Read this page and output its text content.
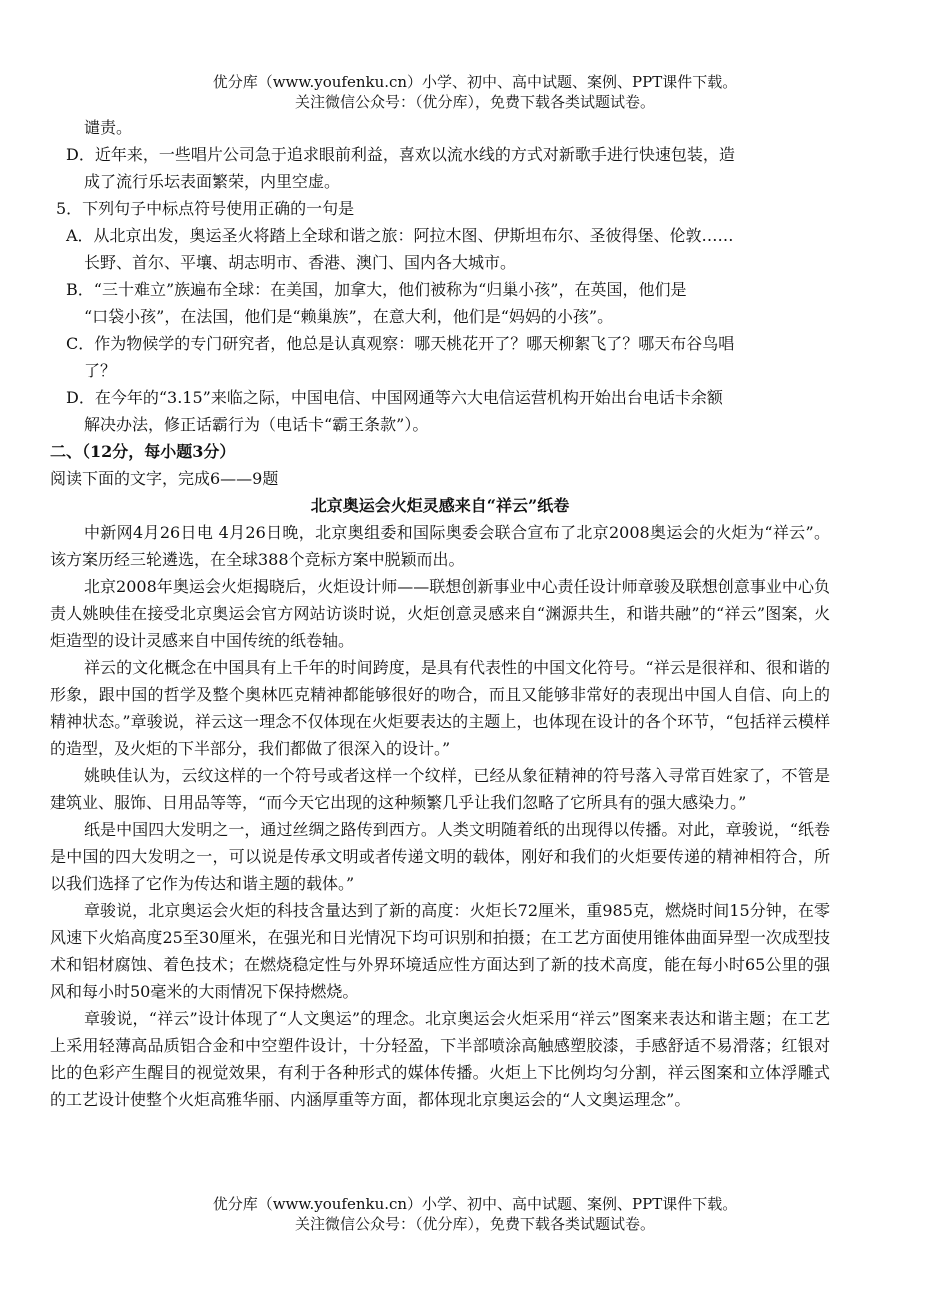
优分库（www.youfenku.cn）小学、初中、高中试题、案例、PPT课件下载。
关注微信公众号：（优分库），免费下载各类试题试卷。
谴责。
D．近年来，一些唱片公司急于追求眼前利益，喜欢以流水线的方式对新歌手进行快速包装，造
成了流行乐坛表面繁荣，内里空虚。
5．下列句子中标点符号使用正确的一句是
A．从北京出发，奥运圣火将踏上全球和谐之旅：阿拉木图、伊斯坦布尔、圣彼得堡、伦敦……
长野、首尔、平壤、胡志明市、香港、澳门、国内各大城市。
B．“三十难立”族遍布全球：在美国，加拿大，他们被称为“归巢小孩”，在英国，他们是
“口袋小孩”，在法国，他们是“赖巢族”，在意大利，他们是“妈妈的小孩”。
C．作为物候学的专门研究者，他总是认真观察：哪天桃花开了？哪天柳絮飞了？哪天布谷鸟唱
了？
D．在今年的“3.15”来临之际，中国电信、中国网通等六大电信运营机构开始出台电话卡余额
解决办法，修正话霸行为（电话卡“霸王条款”）。
二、（12分，每小题3分）
阅读下面的文字，完成6——9题
北京奥运会火炬灵感来自“祥云”纸卷

中新网4月26日电 4月26日晚，北京奥组委和国际奥委会联合宣布了北京2008奥运会的火炬为“祥云”。该方案历经三轮遴选，在全球388个竞标方案中脱颖而出。

北京2008年奥运会火炬揭晓后，火炬设计师——联想创新事业中心责任设计师章骏及联想创意事业中心负责人姚映佳在接受北京奥运会官方网站访谈时说，火炬创意灵感来自“渊源共生，和谐共融”的“祥云”图案，火炬造型的设计灵感来自中国传统的纸卷轴。

祥云的文化概念在中国具有上千年的时间跨度，是具有代表性的中国文化符号。“祥云是很祥和、很和谐的形象，跟中国的哲学及整个奥林匹克精神都能够很好的吻合，而且又能够非常好的表现出中国人自信、向上的精神状态。”章骏说，祥云这一理念不仅体现在火炬要表达的主题上，也体现在设计的各个环节，“包括祥云模样的造型，及火炬的下半部分，我们都做了很深入的设计。”

姚映佳认为，云纹这样的一个符号或者这样一个纹样，已经从象征精神的符号落入寻常百姓家了，不管是建筑业、服饰、日用品等等，“而今天它出现的这种频繁几乎让我们忽略了它所具有的强大感染力。”

纸是中国四大发明之一，通过丝绸之路传到西方。人类文明随着纸的出现得以传播。对此，章骏说，“纸卷是中国的四大发明之一，可以说是传承文明或者传递文明的载体，刚好和我们的火炬要传递的精神相符合，所以我们选择了它作为传达和谐主题的载体。”

章骏说，北京奥运会火炬的科技含量达到了新的高度：火炬长72厘米，重985克，燃烧时间15分钟，在零风速下火焰高度25至30厘米，在强光和日光情况下均可识别和拍摄；在工艺方面使用锥体曲面异型一次成型技术和铝材腐蚀、着色技术；在燃烧稳定性与外界环境适应性方面达到了新的技术高度，能在每小时65公里的强风和每小时50毫米的大雨情况下保持燃烧。

章骏说，“祥云”设计体现了“人文奥运”的理念。北京奥运会火炬采用“祥云”图案来表达和谐主题；在工艺上采用轻薄高品质铝合金和中空塑件设计，十分轻盈，下半部喷涂高触感塑胶漆，手感舒适不易滑落；红银对比的色彩产生醒目的视觉效果，有利于各种形式的媒体传播。火炬上下比例均匀分割，祥云图案和立体浮雕式的工艺设计使整个火炬高雅华丽、内涵厚重等方面，都体现北京奥运会的“人文奥运理念”。

优分库（www.youfenku.cn）小学、初中、高中试题、案例、PPT课件下载。
关注微信公众号：（优分库），免费下载各类试题试卷。
